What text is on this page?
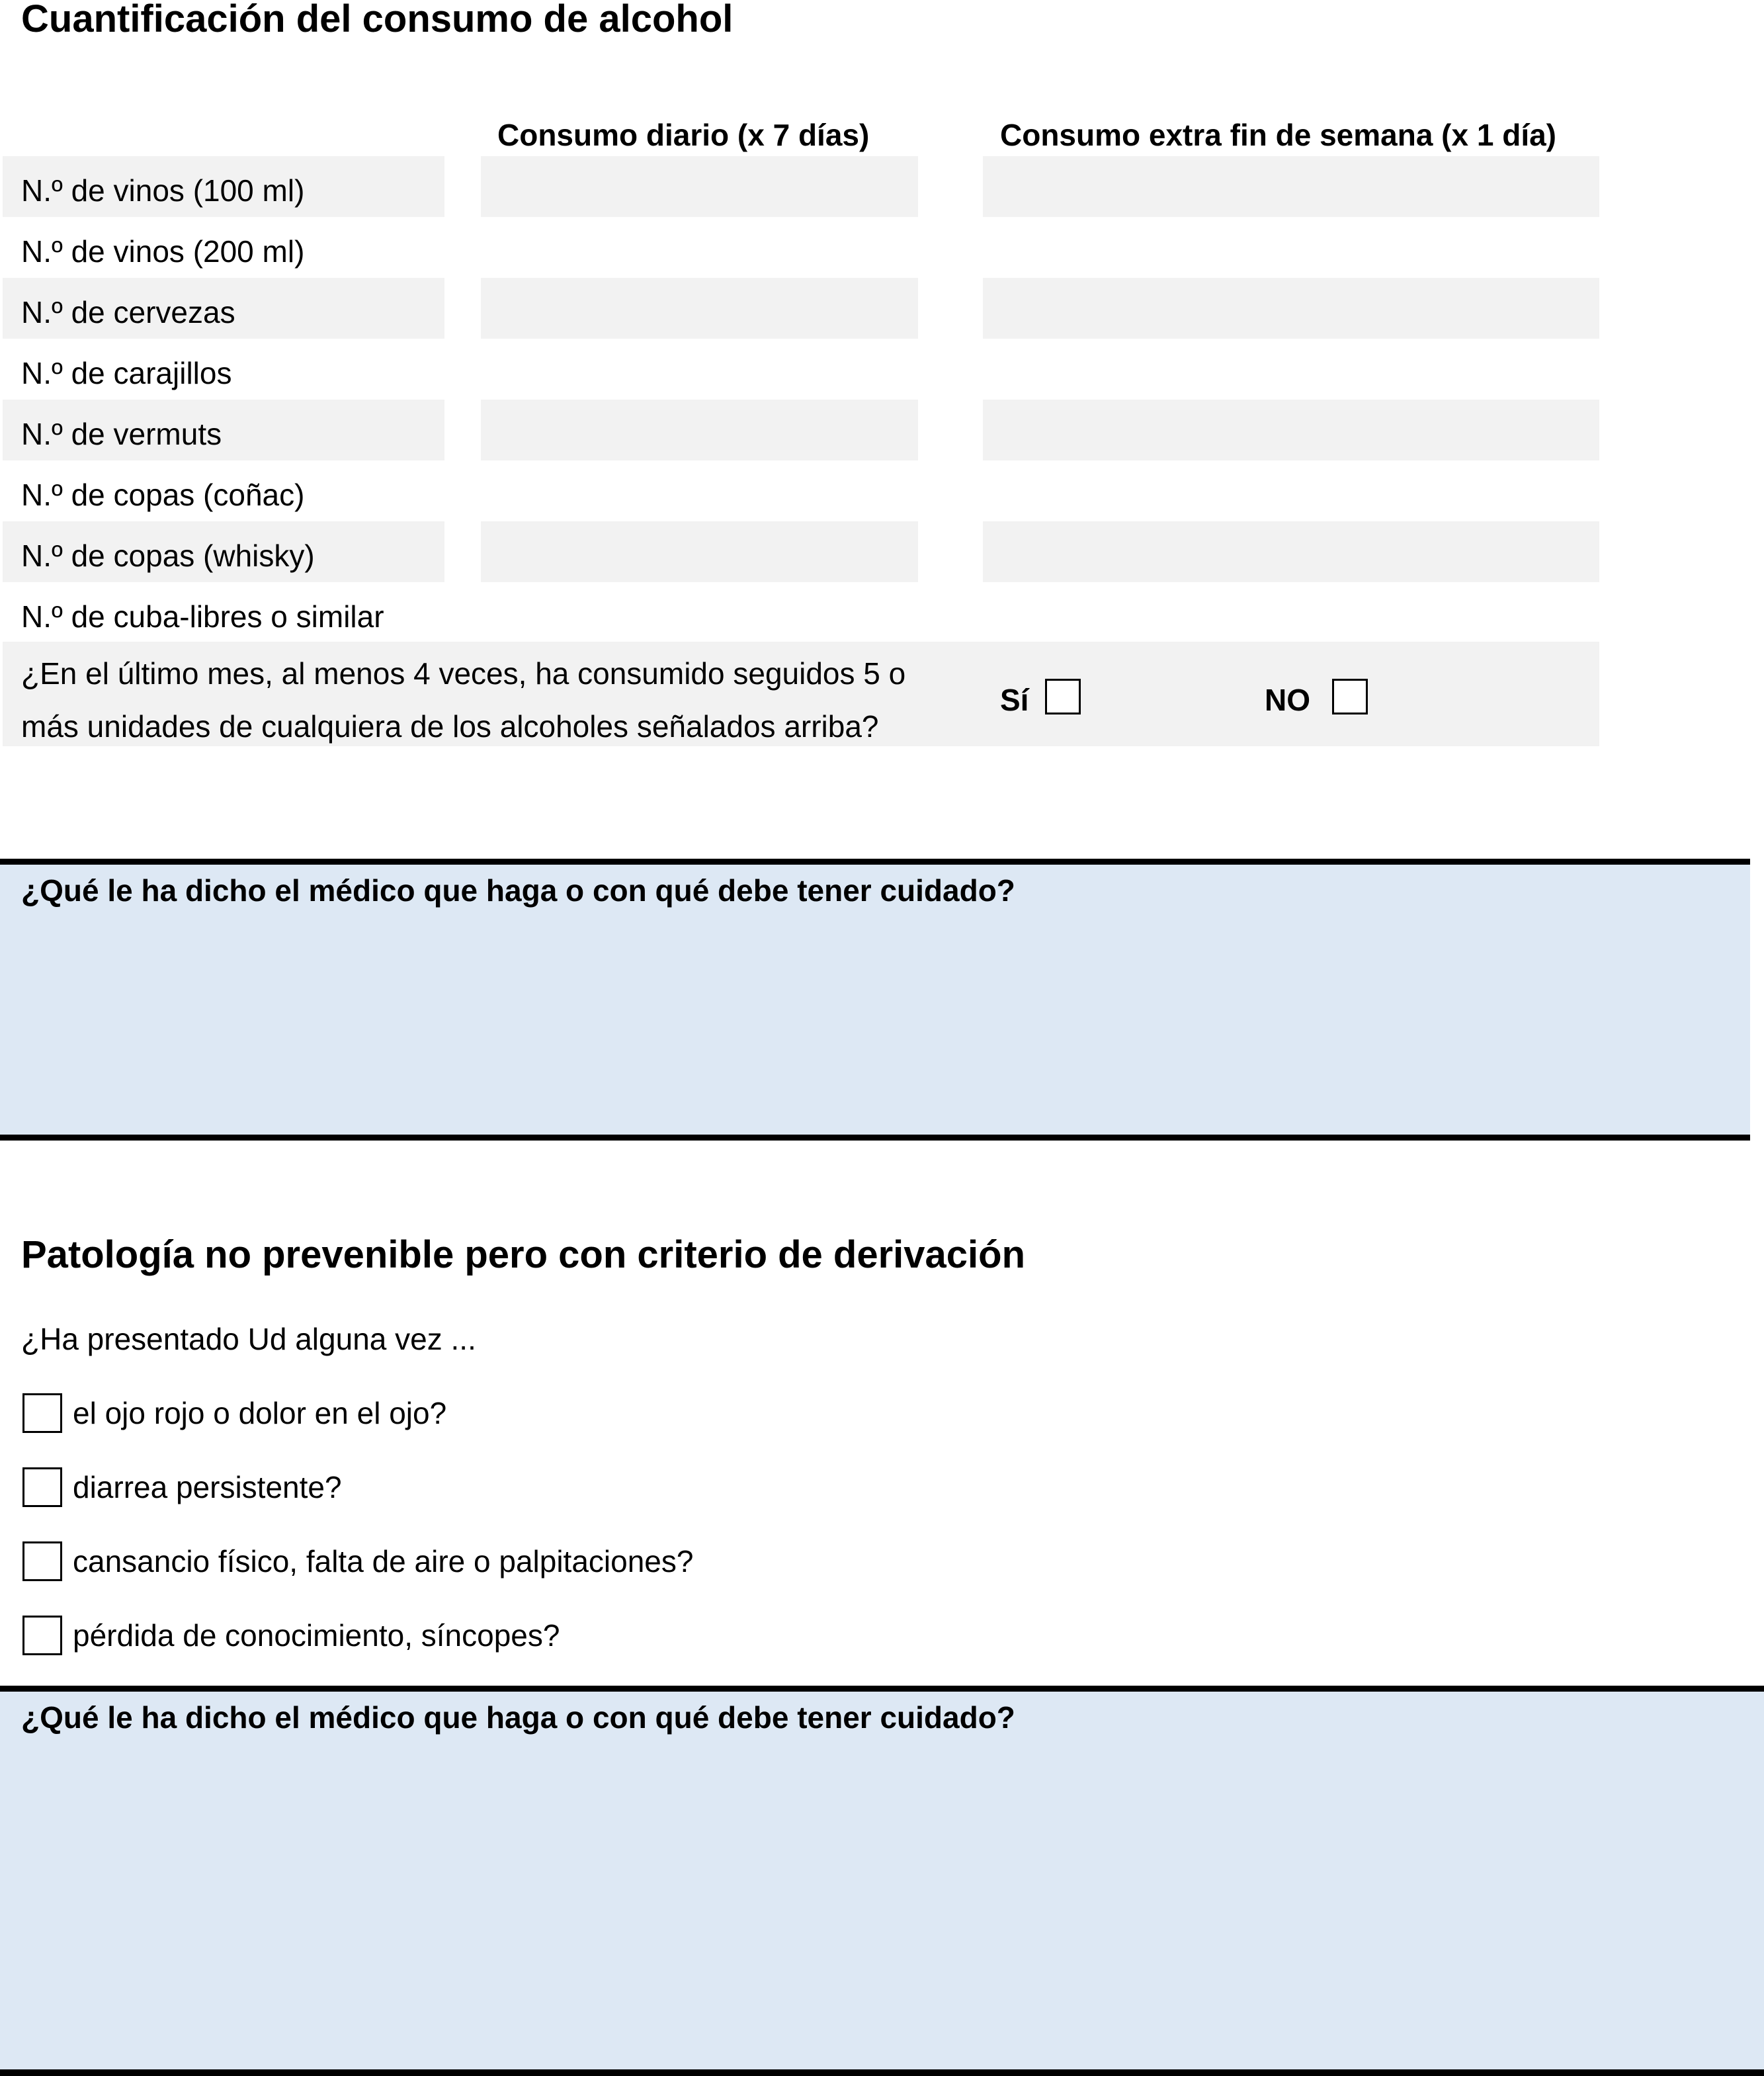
Cuantificación del consumo de alcohol
Consumo diario (x 7 días)	Consumo extra fin de semana (x 1 día)
N.º de vinos (100 ml)
N.º de vinos (200 ml)
N.º de cervezas
N.º de carajillos
N.º de vermuts
N.º de copas (coñac)
N.º de copas (whisky)
N.º de cuba-libres o similar
¿En el último mes, al menos 4 veces, ha consumido seguidos 5 o
más unidades de cualquiera de los alcoholes señalados arriba?
Sí	NO
¿Qué le ha dicho el médico que haga o con qué debe tener cuidado?
Patología no prevenible pero con criterio de derivación
¿Ha presentado Ud alguna vez ...
el ojo rojo o dolor en el ojo?
diarrea persistente?
cansancio físico, falta de aire o palpitaciones?
pérdida de conocimiento, síncopes?
¿Qué le ha dicho el médico que haga o con qué debe tener cuidado?
